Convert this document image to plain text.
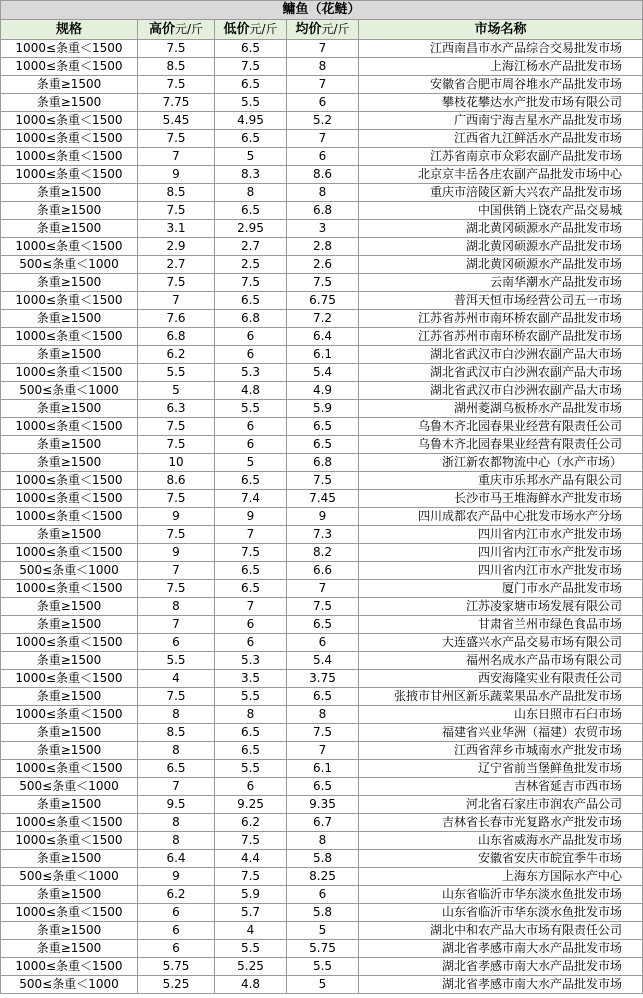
鳙鱼（花鲢）				
规格	高价元/斤	低价元/斤	均价元/斤	市场名称
1000≤条重＜1500	7.5	6.5	7	江西南昌市水产品综合交易批发市场
1000≤条重＜1500	8.5	7.5	8	上海江杨水产品批发市场
条重≥1500	7.5	6.5	7	安徽省合肥市周谷堆水产品批发市场
条重≥1500	7.75	5.5	6	攀枝花攀达水产批发市场有限公司
1000≤条重＜1500	5.45	4.95	5.2	广西南宁海吉星水产品批发市场
1000≤条重＜1500	7.5	6.5	7	江西省九江鲜活水产品批发市场
1000≤条重＜1500	7	5	6	江苏省南京市众彩农副产品批发市场
1000≤条重＜1500	9	8.3	8.6	北京京丰岳各庄农副产品批发市场中心
条重≥1500	8.5	8	8	重庆市涪陵区新大兴农产品批发市场
条重≥1500	7.5	6.5	6.8	中国供销上饶农产品交易城
条重≥1500	3.1	2.95	3	湖北黄冈硕源水产品批发市场
1000≤条重＜1500	2.9	2.7	2.8	湖北黄冈硕源水产品批发市场
500≤条重＜1000	2.7	2.5	2.6	湖北黄冈硕源水产品批发市场
条重≥1500	7.5	7.5	7.5	云南华潮水产品批发市场
1000≤条重＜1500	7	6.5	6.75	普洱天恒市场经营公司五一市场
条重≥1500	7.6	6.8	7.2	江苏省苏州市南环桥农副产品批发市场
1000≤条重＜1500	6.8	6	6.4	江苏省苏州市南环桥农副产品批发市场
条重≥1500	6.2	6	6.1	湖北省武汉市白沙洲农副产品大市场
1000≤条重＜1500	5.5	5.3	5.4	湖北省武汉市白沙洲农副产品大市场
500≤条重＜1000	5	4.8	4.9	湖北省武汉市白沙洲农副产品大市场
条重≥1500	6.3	5.5	5.9	湖州菱湖乌板桥水产品批发市场
1000≤条重＜1500	7.5	6	6.5	乌鲁木齐北园春果业经营有限责任公司
条重≥1500	7.5	6	6.5	乌鲁木齐北园春果业经营有限责任公司
条重≥1500	10	5	6.8	浙江新农都物流中心（水产市场）
1000≤条重＜1500	8.6	6.5	7.5	重庆市乐邦水产品有限公司
1000≤条重＜1500	7.5	7.4	7.45	长沙市马王堆海鲜水产批发市场
1000≤条重＜1500	9	9	9	四川成都农产品中心批发市场水产分场
条重≥1500	7.5	7	7.3	四川省内江市水产批发市场
1000≤条重＜1500	9	7.5	8.2	四川省内江市水产批发市场
500≤条重＜1000	7	6.5	6.6	四川省内江市水产批发市场
1000≤条重＜1500	7.5	6.5	7	厦门市水产品批发市场
条重≥1500	8	7	7.5	江苏凌家塘市场发展有限公司
条重≥1500	7	6	6.5	甘肃省兰州市绿色食品市场
1000≤条重＜1500	6	6	6	大连盛兴水产品交易市场有限公司
条重≥1500	5.5	5.3	5.4	福州名成水产品市场有限公司
1000≤条重＜1500	4	3.5	3.75	西安海隆实业有限责任公司
条重≥1500	7.5	5.5	6.5	张掖市甘州区新乐蔬菜果品水产品批发市场
1000≤条重＜1500	8	8	8	山东日照市石臼市场
条重≥1500	8.5	6.5	7.5	福建省兴业华洲（福建）农贸市场
条重≥1500	8	6.5	7	江西省萍乡市城南水产批发市场
1000≤条重＜1500	6.5	5.5	6.1	辽宁省前当堡鲜鱼批发市场
500≤条重＜1000	7	6	6.5	吉林省延吉市西市场
条重≥1500	9.5	9.25	9.35	河北省石家庄市润农产品公司
1000≤条重＜1500	8	6.2	6.7	吉林省长春市光复路水产批发市场
1000≤条重＜1500	8	7.5	8	山东省威海水产品批发市场
条重≥1500	6.4	4.4	5.8	安徽省安庆市皖宜季牛市场
500≤条重＜1000	9	7.5	8.25	上海东方国际水产中心
条重≥1500	6.2	5.9	6	山东省临沂市华东淡水鱼批发市场
1000≤条重＜1500	6	5.7	5.8	山东省临沂市华东淡水鱼批发市场
条重≥1500	6	4	5	湖北中和农产品大市场有限责任公司
条重≥1500	6	5.5	5.75	湖北省孝感市南大水产品批发市场
1000≤条重＜1500	5.75	5.25	5.5	湖北省孝感市南大水产品批发市场
500≤条重＜1000	5.25	4.8	5	湖北省孝感市南大水产品批发市场
